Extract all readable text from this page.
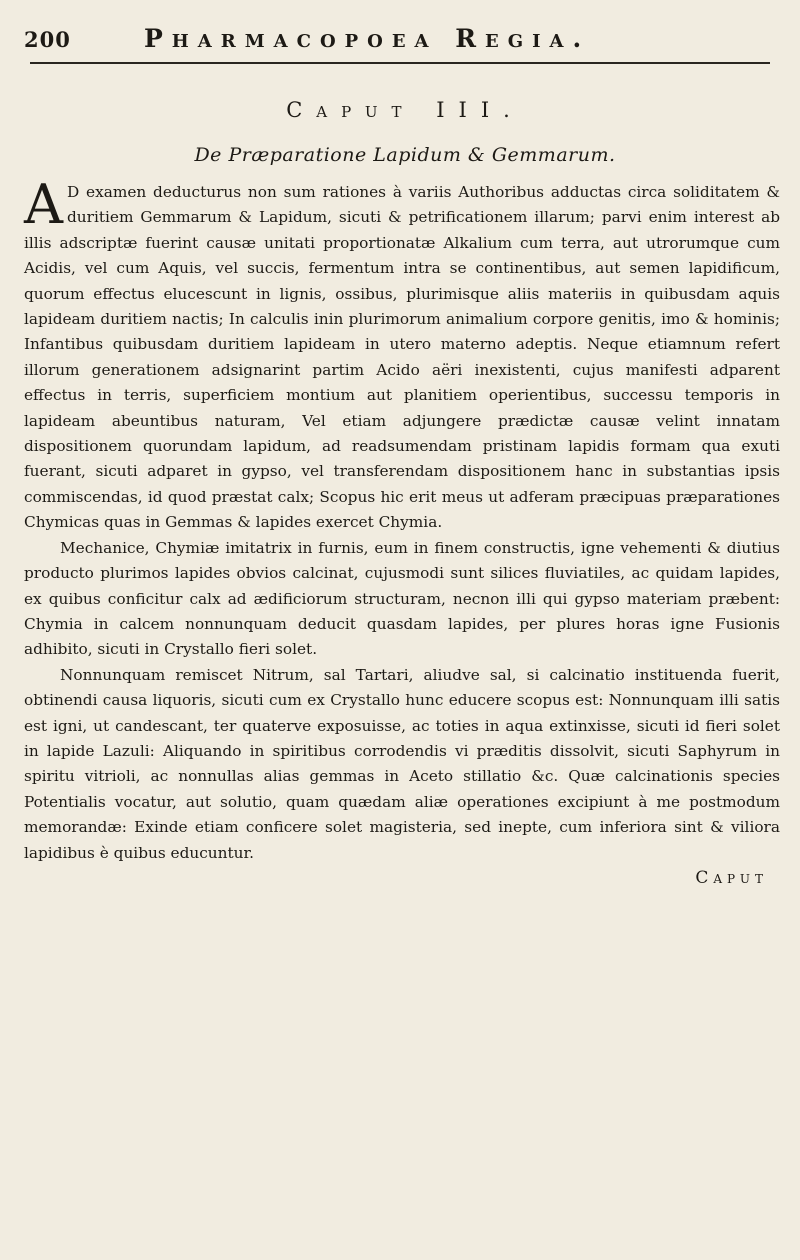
200	Pharmacopoea Regia.
Caput III.
De Præparatione Lapidum & Gemmarum.

A D examen deducturus non sum rationes à variis Authoribus adductas circa soliditatem & duritiem Gemmarum & Lapidum, sicuti & petrificationem illarum; parvi enim interest ab illis adscriptæ fuerint causæ unitati proportionatæ Alkalium cum terra, aut utrorumque cum Acidis, vel cum Aquis, vel succis, fermentum intra se continentibus, aut semen lapidificum, quorum effectus elucescunt in lignis, ossibus, plurimisque aliis materiis in quibusdam aquis lapideam duritiem nactis; In calculis inin plurimorum animalium corpore genitis, imo & hominis; Infantibus quibusdam duritiem lapideam in utero materno adeptis. Neque etiamnum refert illorum generationem adsignarint partim Acido aëri inexistenti, cujus manifesti adparent effectus in terris, superficiem montium aut planitiem operientibus, successu temporis in lapideam abeuntibus naturam, Vel etiam adjungere prædictæ causæ velint innatam dispositionem quorundam lapidum, ad readsumendam pristinam lapidis formam qua exuti fuerant, sicuti adparet in gypso, vel transferendam dispositionem hanc in substantias ipsis commiscendas, id quod præstat calx; Scopus hic erit meus ut adferam præcipuas præparationes Chymicas quas in Gemmas & lapides exercet Chymia.

Mechanice, Chymiæ imitatrix in furnis, eum in finem constructis, igne vehementi & diutius producto plurimos lapides obvios calcinat, cujusmodi sunt silices fluviatiles, ac quidam lapides, ex quibus conficitur calx ad ædificiorum structuram, necnon illi qui gypso materiam præbent: Chymia in calcem nonnunquam deducit quasdam lapides, per plures horas igne Fusionis adhibito, sicuti in Crystallo fieri solet.

Nonnunquam remiscet Nitrum, sal Tartari, aliudve sal, si calcinatio instituenda fuerit, obtinendi causa liquoris, sicuti cum ex Crystallo hunc educere scopus est: Nonnunquam illi satis est igni, ut candescant, ter quaterve exposuisse, ac toties in aqua extinxisse, sicuti id fieri solet in lapide Lazuli: Aliquando in spiritibus corrodendis vi præditis dissolvit, sicuti Saphyrum in spiritu vitrioli, ac nonnullas alias gemmas in Aceto stillatio &c. Quæ calcinationis species Potentialis vocatur, aut solutio, quam quædam aliæ operationes excipiunt à me postmodum memorandæ: Exinde etiam conficere solet magisteria, sed inepte, cum inferiora sint & viliora lapidibus è quibus educuntur.

Caput
